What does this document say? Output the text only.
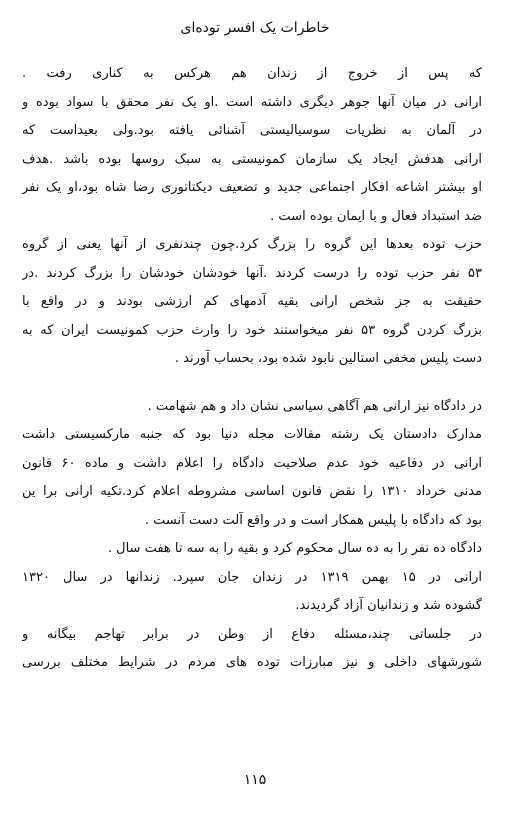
خاطرات یک افسر توده‌ای
که پس از خروج از زندان هم هرکس به کناری رفت .
ارانی در میان آنها جوهر دیگری داشته است .او یک نفر محقق با سواد بوده و
در آلمان به نظریات سوسیالیستی آشنائی یافته بود.ولی بعیداست که
ارانی هدفش ایجاد یک سازمان کمونیستی به سبک روسها بوده باشد .هدف
او بیشتر اشاعه افکار اجتماعی جدید و تضعیف دیکتاتوری رضا شاه بود،او یک نفر
ضد استبداد فعال و با ایمان بوده است .
حزب توده بعدها این گروه را بزرگ کرد.چون چندنفری از آنها یعنی از گروه
۵۳ نفر حزب توده را درست کردند .آنها خودشان خودشان را بزرگ کردند .در
حقیقت به جز شخص ارانی بقیه آدمهای کم ارزشی بودند و در واقع با
بزرگ کردن گروه ۵۳ نفر میخواستند خود را وارث حزب کمونیست ایران که به
دست پلیس مخفی استالین نابود شده بود، بحساب آورند .
در دادگاه نیز ارانی هم آگاهی سیاسی نشان داد و هم شهامت .
مدارک دادستان یک رشته مقالات مجله دنیا بود که جنبه مارکسیستی داشت
ارانی در دفاعیه خود عدم صلاحیت دادگاه را اعلام داشت و ماده ۶۰ قانون
مدنی خرداد ۱۳۱۰ را نقض قانون اساسی مشروطه اعلام کرد.تکیه ارانی برا ین
بود که دادگاه با پلیس همکار است و در واقع آلت دست آنست .
دادگاه ده نفر را به ده سال محکوم کرد و بقیه را به سه تا هفت سال .
ارانی در ۱۵ بهمن ۱۳۱۹ در زندان جان سپرد. زندانها در سال ۱۳۲۰
گشوده شد و زندانیان آزاد گردیدند.
در جلساتی چند،مسئله دفاع از وطن در برابر تهاجم بیگانه و
شورشهای داخلی و نیز مبارزات توده های مردم در شرایط مختلف بررسی
۱۱۵
